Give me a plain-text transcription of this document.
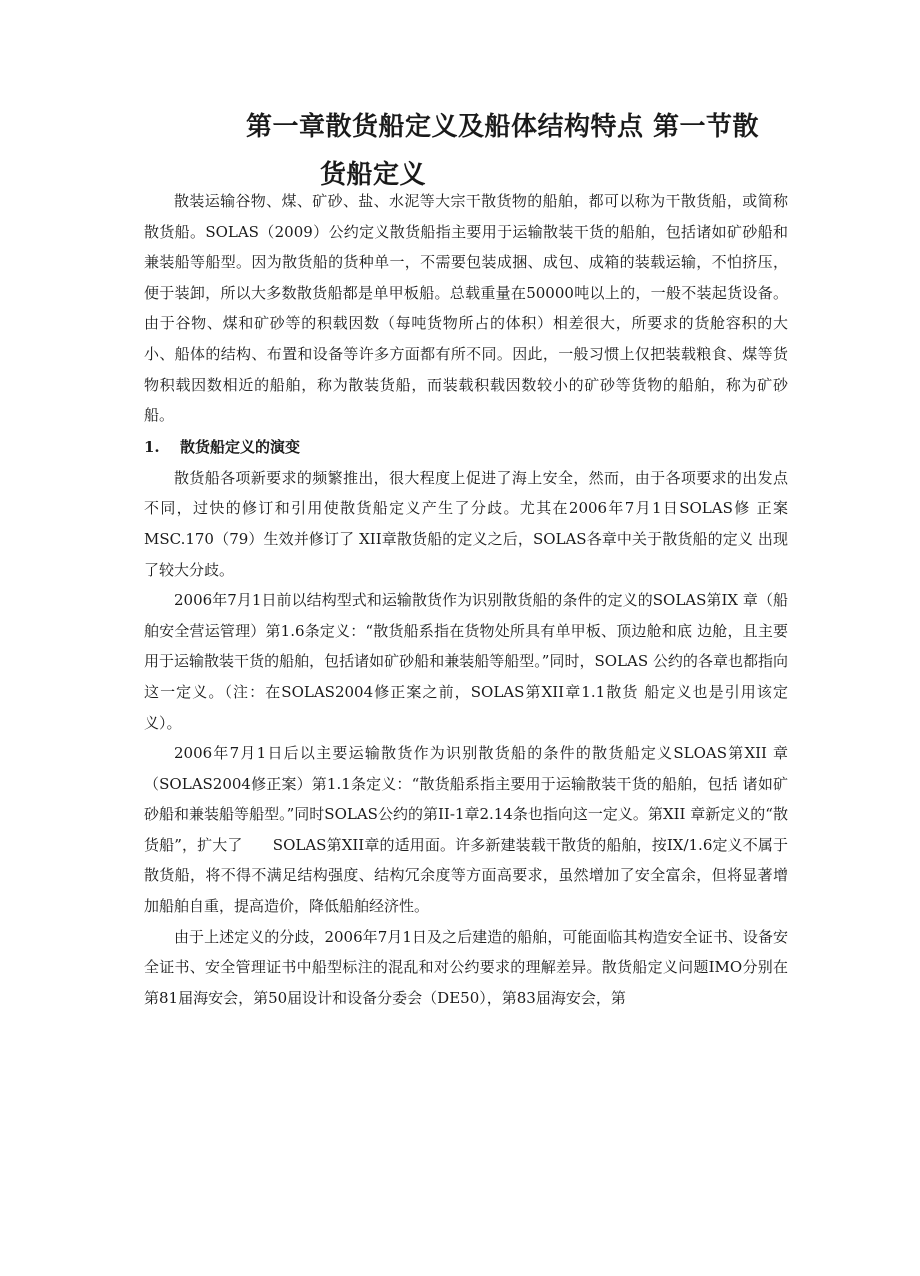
第一章散货船定义及船体结构特点 第一节散
货船定义

散装运输谷物、煤、矿砂、盐、水泥等大宗干散货物的船舶，都可以称为干散货船，或简称散货船。SOLAS（2009）公约定义散货船指主要用于运输散装干货的船舶，包括诸如矿砂船和兼装船等船型。因为散货船的货种单一，不需要包装成捆、成包、成箱的装载运输，不怕挤压，便于装卸，所以大多数散货船都是单甲板船。总载重量在50000吨以上的，一般不装起货设备。由于谷物、煤和矿砂等的积载因数（每吨货物所占的体积）相差很大，所要求的货舱容积的大小、船体的结构、布置和设备等许多方面都有所不同。因此，一般习惯上仅把装载粮食、煤等货物积载因数相近的船舶，称为散装货船，而装载积载因数较小的矿砂等货物的船舶，称为矿砂船。

1. 散货船定义的演变

散货船各项新要求的频繁推出，很大程度上促进了海上安全，然而，由于各项要求的出发点不同，过快的修订和引用使散货船定义产生了分歧。尤其在2006年7月1日SOLAS修 正案MSC.170（79）生效并修订了 XII章散货船的定义之后，SOLAS各章中关于散货船的定义 出现了较大分歧。

2006年7月1日前以结构型式和运输散货作为识别散货船的条件的定义的SOLAS第IX 章（船舶安全营运管理）第1.6条定义：“散货船系指在货物处所具有单甲板、顶边舱和底 边舱，且主要用于运输散装干货的船舶，包括诸如矿砂船和兼装船等船型。”同时，SOLAS 公约的各章也都指向这一定义。（注：在SOLAS2004修正案之前，SOLAS第XII章1.1散货 船定义也是引用该定义）。

2006年7月1日后以主要运输散货作为识别散货船的条件的散货船定义SLOAS第XII 章（SOLAS2004修正案）第1.1条定义：“散货船系指主要用于运输散装干货的船舶，包括 诸如矿砂船和兼装船等船型。”同时SOLAS公约的第II-1章2.14条也指向这一定义。第XII 章新定义的“散货船”，扩大了　　SOLAS第XII章的适用面。许多新建装载干散货的船舶，按IX/1.6定义不属于散货船，将不得不满足结构强度、结构冗余度等方面高要求，虽然增加了安全富余，但将显著增加船舶自重，提高造价，降低船舶经济性。

由于上述定义的分歧，2006年7月1日及之后建造的船舶，可能面临其构造安全证书、设备安全证书、安全管理证书中船型标注的混乱和对公约要求的理解差异。散货船定义问题IMO分别在第81届海安会，第50届设计和设备分委会（DE50），第83届海安会，第
